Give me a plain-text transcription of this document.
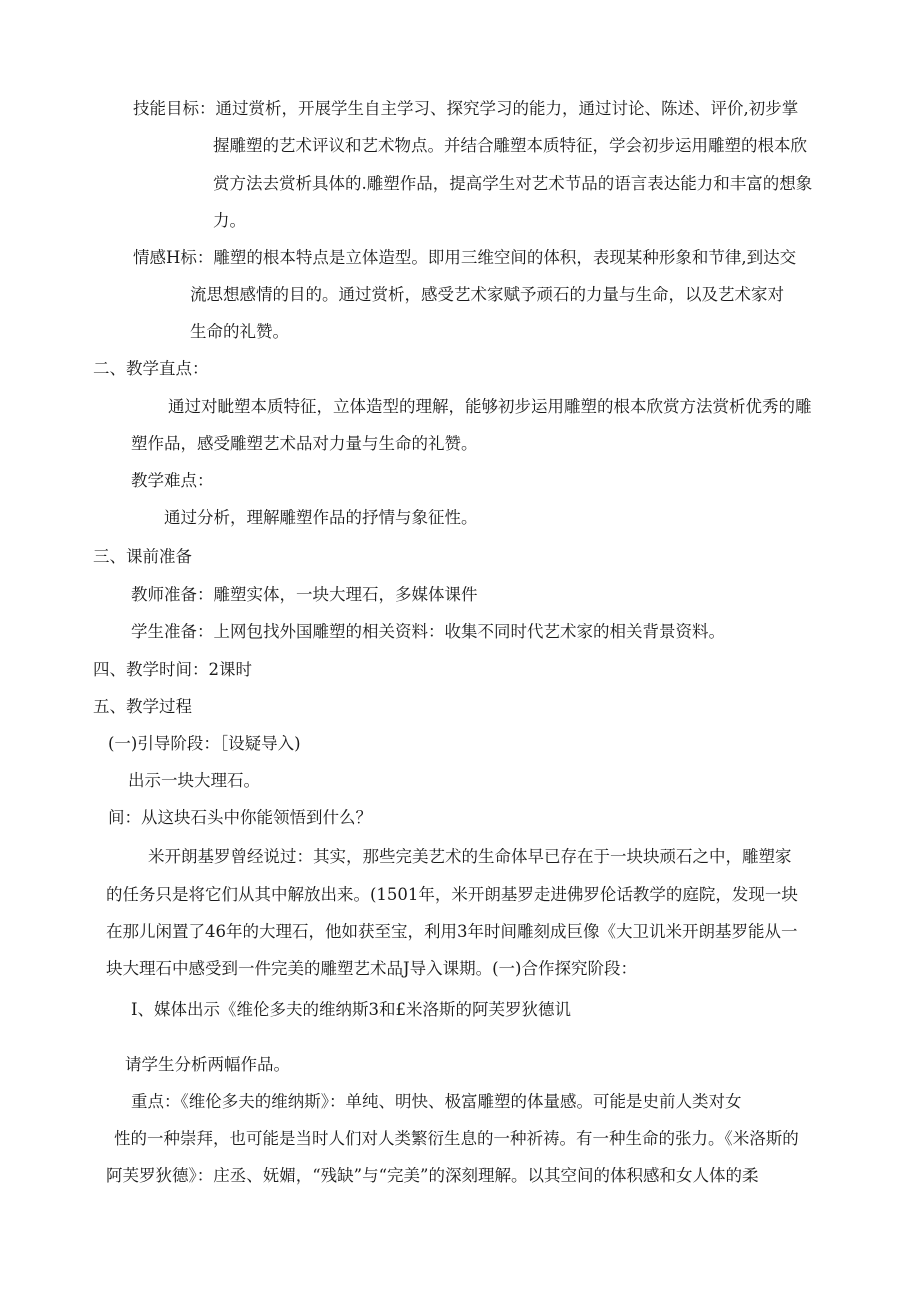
技能目标：通过赏析，开展学生自主学习、探究学习的能力，通过讨论、陈述、评价,初步掌
握雕塑的艺术评议和艺术物点。并结合雕塑本质特征，学会初步运用雕塑的根本欣
赏方法去赏析具体的.雕塑作品，提高学生对艺术节品的语言表达能力和丰富的想象
力。
情感H标：雕塑的根本特点是立体造型。即用三维空间的体积，表现某种形象和节律,到达交
流思想感情的目的。通过赏析，感受艺术家赋予顽石的力量与生命，以及艺术家对
生命的礼赞。
二、教学直点：
通过对眦塑本质特征，立体造型的理解，能够初步运用雕塑的根本欣赏方法赏析优秀的雕
塑作品，感受雕塑艺术品对力量与生命的礼赞。
教学难点：
通过分析，理解雕塑作品的抒情与象征性。
三、课前准备
教师准备：雕塑实体，一块大理石，多媒体课件
学生准备：上网包找外国雕塑的相关资料：收集不同时代艺术家的相关背景资料。
四、教学时间：2课时
五、教学过程
(一)引导阶段：［设疑导入)
出示一块大理石。
间：从这块石头中你能领悟到什么？
米开朗基罗曾经说过：其实，那些完美艺术的生命体早已存在于一块块顽石之中，雕塑家
的任务只是将它们从其中解放出来。(1501年，米开朗基罗走进佛罗伦话教学的庭院，发现一块
在那儿闲置了46年的大理石，他如获至宝，利用3年时间雕刻成巨像《大卫讥米开朗基罗能从一
块大理石中感受到一件完美的雕塑艺术品J导入课期。(一)合作探究阶段：
I、媒体出示《维伦多夫的维纳斯3和£米洛斯的阿芙罗狄德讥
请学生分析两幅作品。
重点：《维伦多夫的维纳斯》：单纯、明快、极富雕塑的体量感。可能是史前人类对女
性的一种崇拜，也可能是当时人们对人类繁衍生息的一种祈祷。有一种生命的张力。《米洛斯的
阿芙罗狄德》：庄丞、妩媚，“残缺”与“完美”的深刻理解。以其空间的体积感和女人体的柔
